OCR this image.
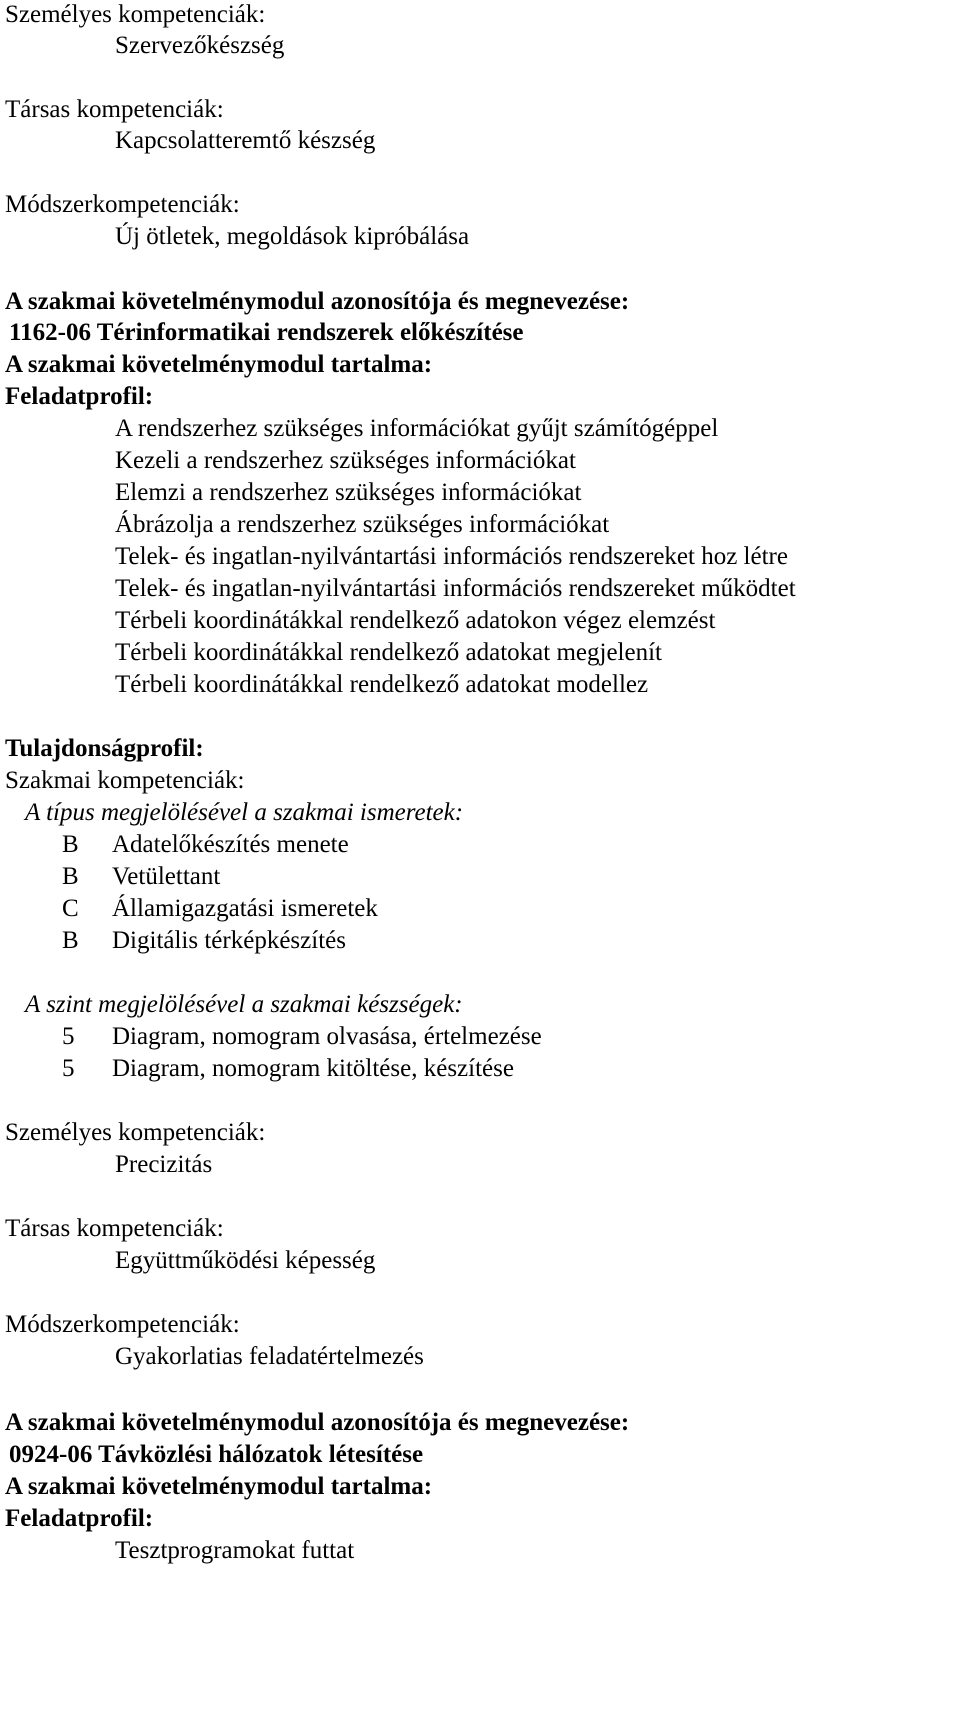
Személyes kompetenciák:
Szervezőkészség
Társas kompetenciák:
Kapcsolatteremtő készség
Módszerkompetenciák:
Új ötletek, megoldások kipróbálása
A szakmai követelménymodul azonosítója és megnevezése:
1162-06 Térinformatikai rendszerek előkészítése
A szakmai követelménymodul tartalma:
Feladatprofil:
A rendszerhez szükséges információkat gyűjt számítógéppel
Kezeli a rendszerhez szükséges információkat
Elemzi a rendszerhez szükséges információkat
Ábrázolja a rendszerhez szükséges információkat
Telek- és ingatlan-nyilvántartási információs rendszereket hoz létre
Telek- és ingatlan-nyilvántartási információs rendszereket működtet
Térbeli koordinátákkal rendelkező adatokon végez elemzést
Térbeli koordinátákkal rendelkező adatokat megjelenít
Térbeli koordinátákkal rendelkező adatokat modellez
Tulajdonságprofil:
Szakmai kompetenciák:
A típus megjelölésével a szakmai ismeretek:
B Adatelőkészítés menete
B Vetülettant
C Államigazgatási ismeretek
B Digitális térképkészítés
A szint megjelölésével a szakmai készségek:
5 Diagram, nomogram olvasása, értelmezése
5 Diagram, nomogram kitöltése, készítése
Személyes kompetenciák:
Precizitás
Társas kompetenciák:
Együttműködési képesség
Módszerkompetenciák:
Gyakorlatias feladatértelmezés
A szakmai követelménymodul azonosítója és megnevezése:
0924-06 Távközlési hálózatok létesítése
A szakmai követelménymodul tartalma:
Feladatprofil:
Tesztprogramokat futtat
